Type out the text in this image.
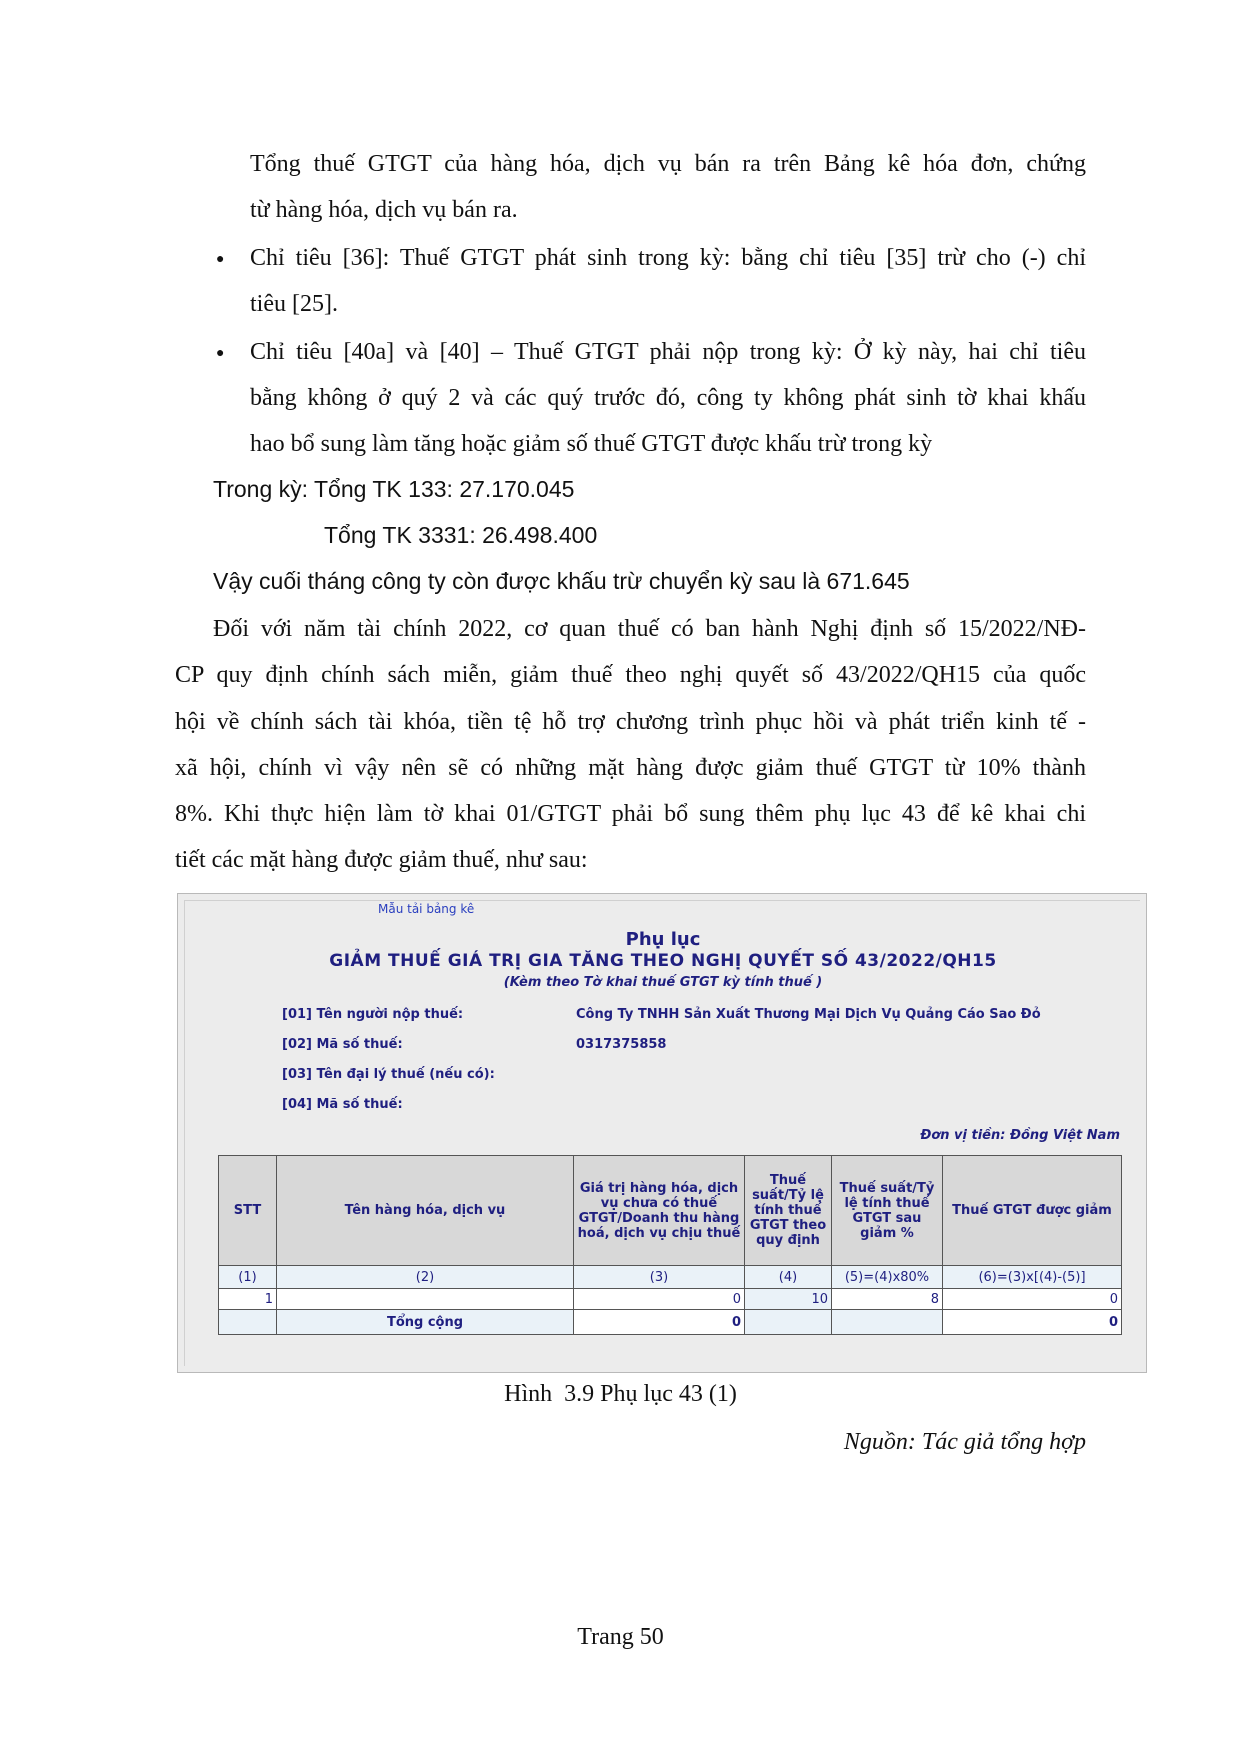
Tổng thuế GTGT của hàng hóa, dịch vụ bán ra trên Bảng kê hóa đơn, chứng
từ hàng hóa, dịch vụ bán ra.
● Chỉ tiêu [36]: Thuế GTGT phát sinh trong kỳ: bằng chỉ tiêu [35] trừ cho (-) chỉ
tiêu [25].
● Chỉ tiêu [40a] và [40] – Thuế GTGT phải nộp trong kỳ: Ở kỳ này, hai chỉ tiêu
bằng không ở quý 2 và các quý trước đó, công ty không phát sinh tờ khai khấu
hao bổ sung làm tăng hoặc giảm số thuế GTGT được khấu trừ trong kỳ
Trong kỳ: Tổng TK 133: 27.170.045
Tổng TK 3331: 26.498.400
Vậy cuối tháng công ty còn được khấu trừ chuyển kỳ sau là 671.645
Đối với năm tài chính 2022, cơ quan thuế có ban hành Nghị định số 15/2022/NĐ-
CP quy định chính sách miễn, giảm thuế theo nghị quyết số 43/2022/QH15 của quốc
hội về chính sách tài khóa, tiền tệ hỗ trợ chương trình phục hồi và phát triển kinh tế -
xã hội, chính vì vậy nên sẽ có những mặt hàng được giảm thuế GTGT từ 10% thành
8%. Khi thực hiện làm tờ khai 01/GTGT phải bổ sung thêm phụ lục 43 để kê khai chi
tiết các mặt hàng được giảm thuế, như sau:
Mẫu tải bảng kê
Phụ lục
GIẢM THUẾ GIÁ TRỊ GIA TĂNG THEO NGHỊ QUYẾT SỐ 43/2022/QH15
(Kèm theo Tờ khai thuế GTGT kỳ tính thuế )
[01] Tên người nộp thuế:	Công Ty TNHH Sản Xuất Thương Mại Dịch Vụ Quảng Cáo Sao Đỏ
[02] Mã số thuế:	0317375858
[03] Tên đại lý thuế (nếu có):
[04] Mã số thuế:
Đơn vị tiền: Đồng Việt Nam
STT	Tên hàng hóa, dịch vụ	Giá trị hàng hóa, dịch vụ chưa có thuế GTGT/Doanh thu hàng hoá, dịch vụ chịu thuế	Thuế suất/Tỷ lệ tính thuế GTGT theo quy định	Thuế suất/Tỷ lệ tính thuế GTGT sau giảm %	Thuế GTGT được giảm
(1)	(2)	(3)	(4)	(5)=(4)x80%	(6)=(3)x[(4)-(5)]
1		0	10	8	0
	Tổng cộng	0			0
Hình  3.9 Phụ lục 43 (1)
Nguồn: Tác giả tổng hợp
Trang 50
